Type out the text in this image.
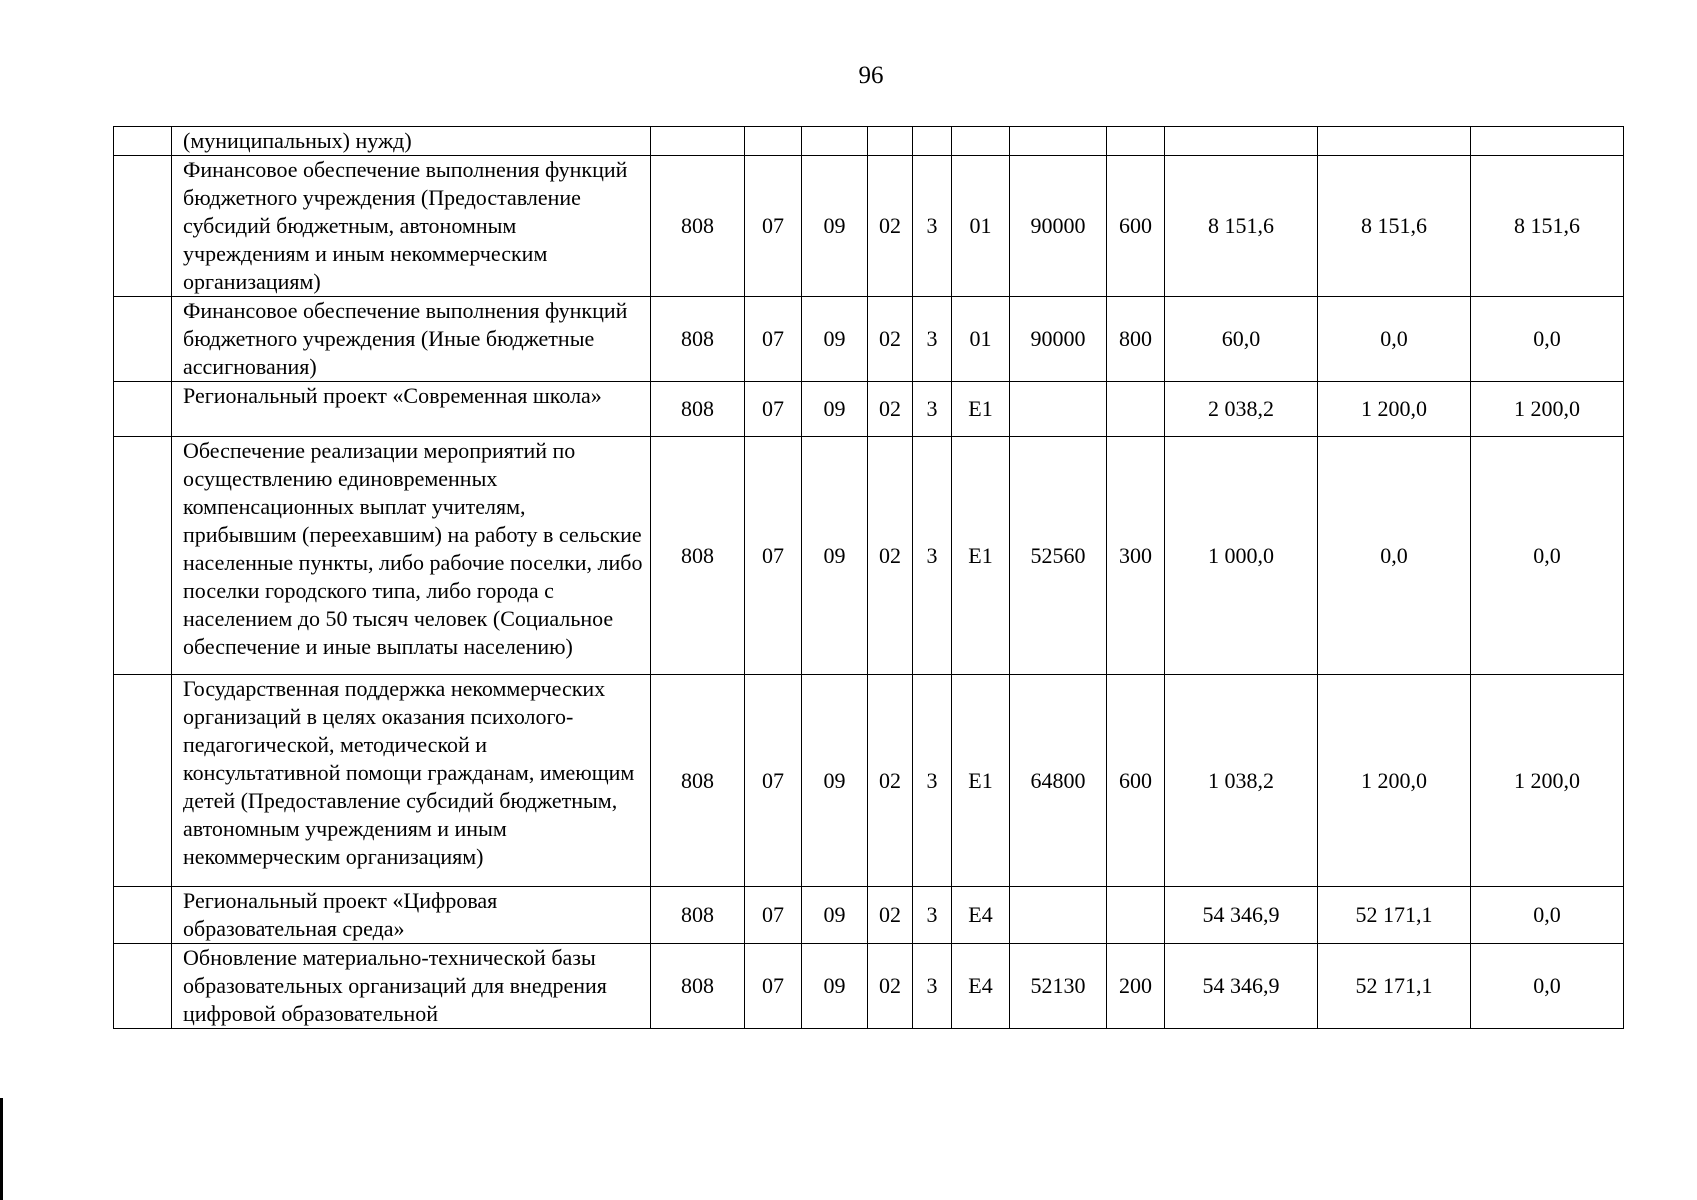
96
	(муниципальных) нужд)											
	Финансовое обеспечение выполнения функций бюджетного учреждения (Предоставление субсидий бюджетным, автономным учреждениям и иным некоммерческим организациям)	808	07	09	02	3	01	90000	600	8 151,6	8 151,6	8 151,6
	Финансовое обеспечение выполнения функций бюджетного учреждения (Иные бюджетные ассигнования)	808	07	09	02	3	01	90000	800	60,0	0,0	0,0
	Региональный проект «Современная школа»	808	07	09	02	3	E1			2 038,2	1 200,0	1 200,0
	Обеспечение реализации мероприятий по осуществлению единовременных компенсационных выплат учителям, прибывшим (переехавшим) на работу в сельские населенные пункты, либо рабочие поселки, либо поселки городского типа, либо города с населением до 50 тысяч человек (Социальное обеспечение и иные выплаты населению)	808	07	09	02	3	E1	52560	300	1 000,0	0,0	0,0
	Государственная поддержка некоммерческих организаций в целях оказания психолого-педагогической, методической и консультативной помощи гражданам, имеющим детей (Предоставление субсидий бюджетным, автономным учреждениям и иным некоммерческим организациям)	808	07	09	02	3	E1	64800	600	1 038,2	1 200,0	1 200,0
	Региональный проект «Цифровая образовательная среда»	808	07	09	02	3	E4			54 346,9	52 171,1	0,0
	Обновление материально-технической базы образовательных организаций для внедрения цифровой образовательной	808	07	09	02	3	E4	52130	200	54 346,9	52 171,1	0,0
